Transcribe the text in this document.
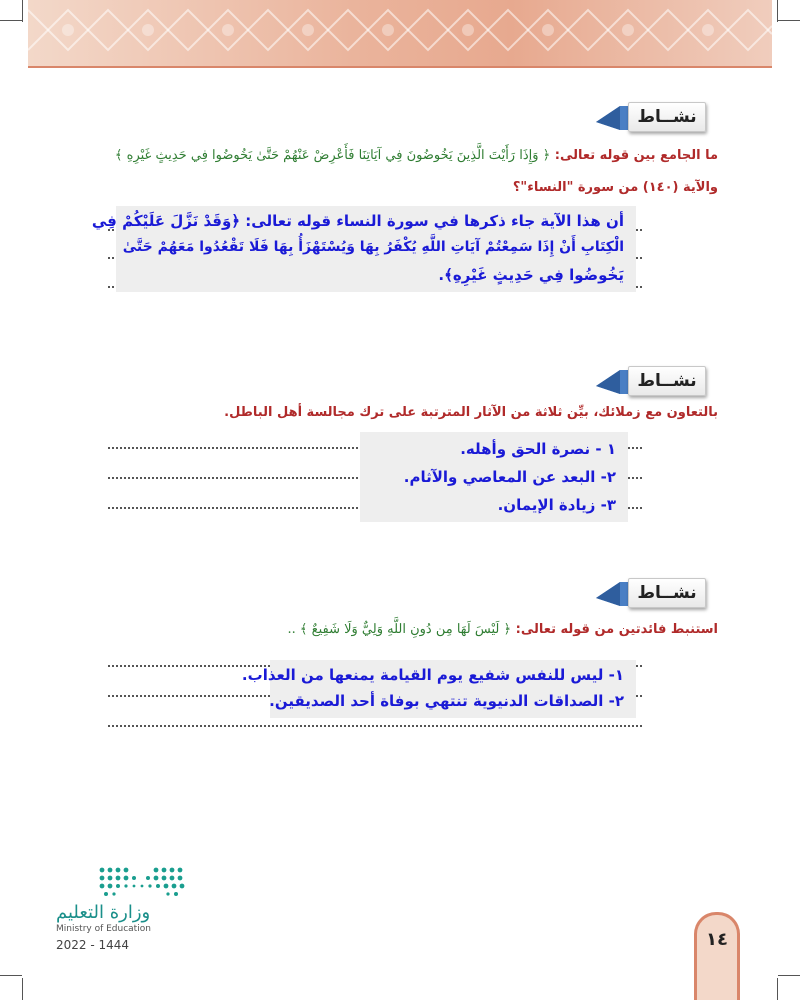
نشــاط
ما الجامع بين قوله تعالى: ﴿ وَإِذَا رَأَيْتَ الَّذِينَ يَخُوضُونَ فِي آيَاتِنَا فَأَعْرِضْ عَنْهُمْ حَتَّىٰ يَخُوضُوا فِي حَدِيثٍ غَيْرِهِ ﴾
والآية (١٤٠) من سورة "النساء"؟
أن هذا الآية جاء ذكرها في سورة النساء قوله تعالى: ﴿وَقَدْ نَزَّلَ عَلَيْكُمْ فِي
الْكِتَابِ أَنْ إِذَا سَمِعْتُمْ آيَاتِ اللَّهِ يُكْفَرُ بِهَا وَيُسْتَهْزَأُ بِهَا فَلَا تَقْعُدُوا مَعَهُمْ حَتَّىٰ
يَخُوضُوا فِي حَدِيثٍ غَيْرِهِ﴾.
نشــاط
بالتعاون مع زملائك، بيِّن ثلاثة من الآثار المترتبة على ترك مجالسة أهل الباطل.
١ - نصرة الحق وأهله.
٢- البعد عن المعاصي والآثام.
٣- زيادة الإيمان.
نشــاط
استنبط فائدتين من قوله تعالى: ﴿ لَيْسَ لَهَا مِن دُونِ اللَّهِ وَلِيٌّ وَلَا شَفِيعٌ ﴾ ..
١- ليس للنفس شفيع يوم القيامة يمنعها من العذاب.
٢- الصداقات الدنيوية تنتهي بوفاة أحد الصديقين.
وزارة التعليم
Ministry of Education
2022 - 1444	١٤
